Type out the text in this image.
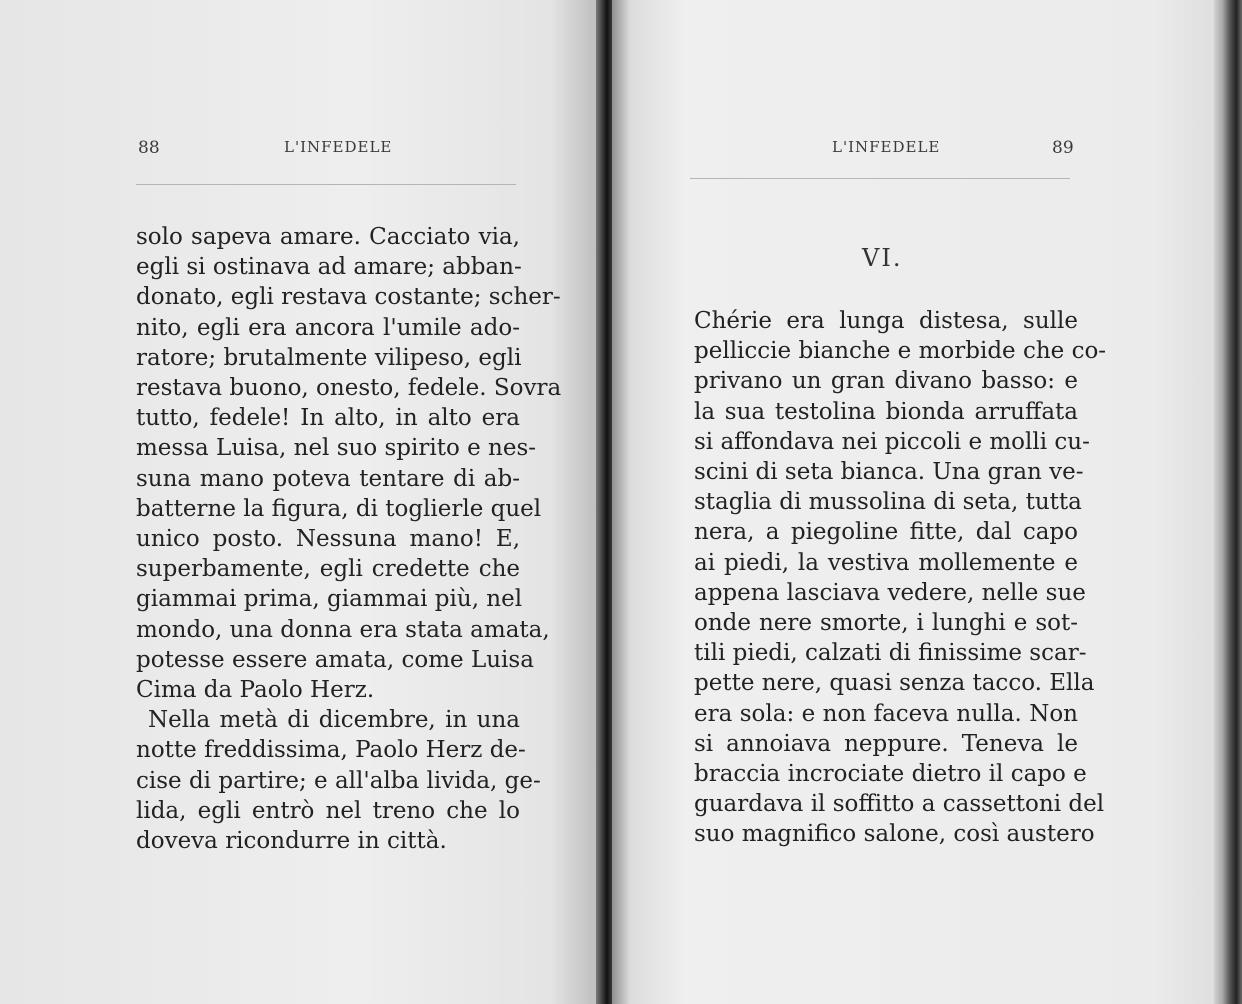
88	L'INFEDELE
solo sapeva amare. Cacciato via,
egli si ostinava ad amare; abban-
donato, egli restava costante; scher-
nito, egli era ancora l'umile ado-
ratore; brutalmente vilipeso, egli
restava buono, onesto, fedele. Sovra
tutto, fedele! In alto, in alto era
messa Luisa, nel suo spirito e nes-
suna mano poteva tentare di ab-
batterne la figura, di toglierle quel
unico posto. Nessuna mano! E,
superbamente, egli credette che
giammai prima, giammai più, nel
mondo, una donna era stata amata,
potesse essere amata, come Luisa
Cima da Paolo Herz.
Nella metà di dicembre, in una
notte freddissima, Paolo Herz de-
cise di partire; e all'alba livida, ge-
lida, egli entrò nel treno che lo
doveva ricondurre in città.
L'INFEDELE	89
Chérie era lunga distesa, sulle
pelliccie bianche e morbide che co-
privano un gran divano basso: e
la sua testolina bionda arruffata
si affondava nei piccoli e molli cu-
scini di seta bianca. Una gran ve-
staglia di mussolina di seta, tutta
nera, a piegoline fitte, dal capo
ai piedi, la vestiva mollemente e
appena lasciava vedere, nelle sue
onde nere smorte, i lunghi e sot-
tili piedi, calzati di finissime scar-
pette nere, quasi senza tacco. Ella
era sola: e non faceva nulla. Non
si annoiava neppure. Teneva le
braccia incrociate dietro il capo e
guardava il soffitto a cassettoni del
suo magnifico salone, così austero
VI.
